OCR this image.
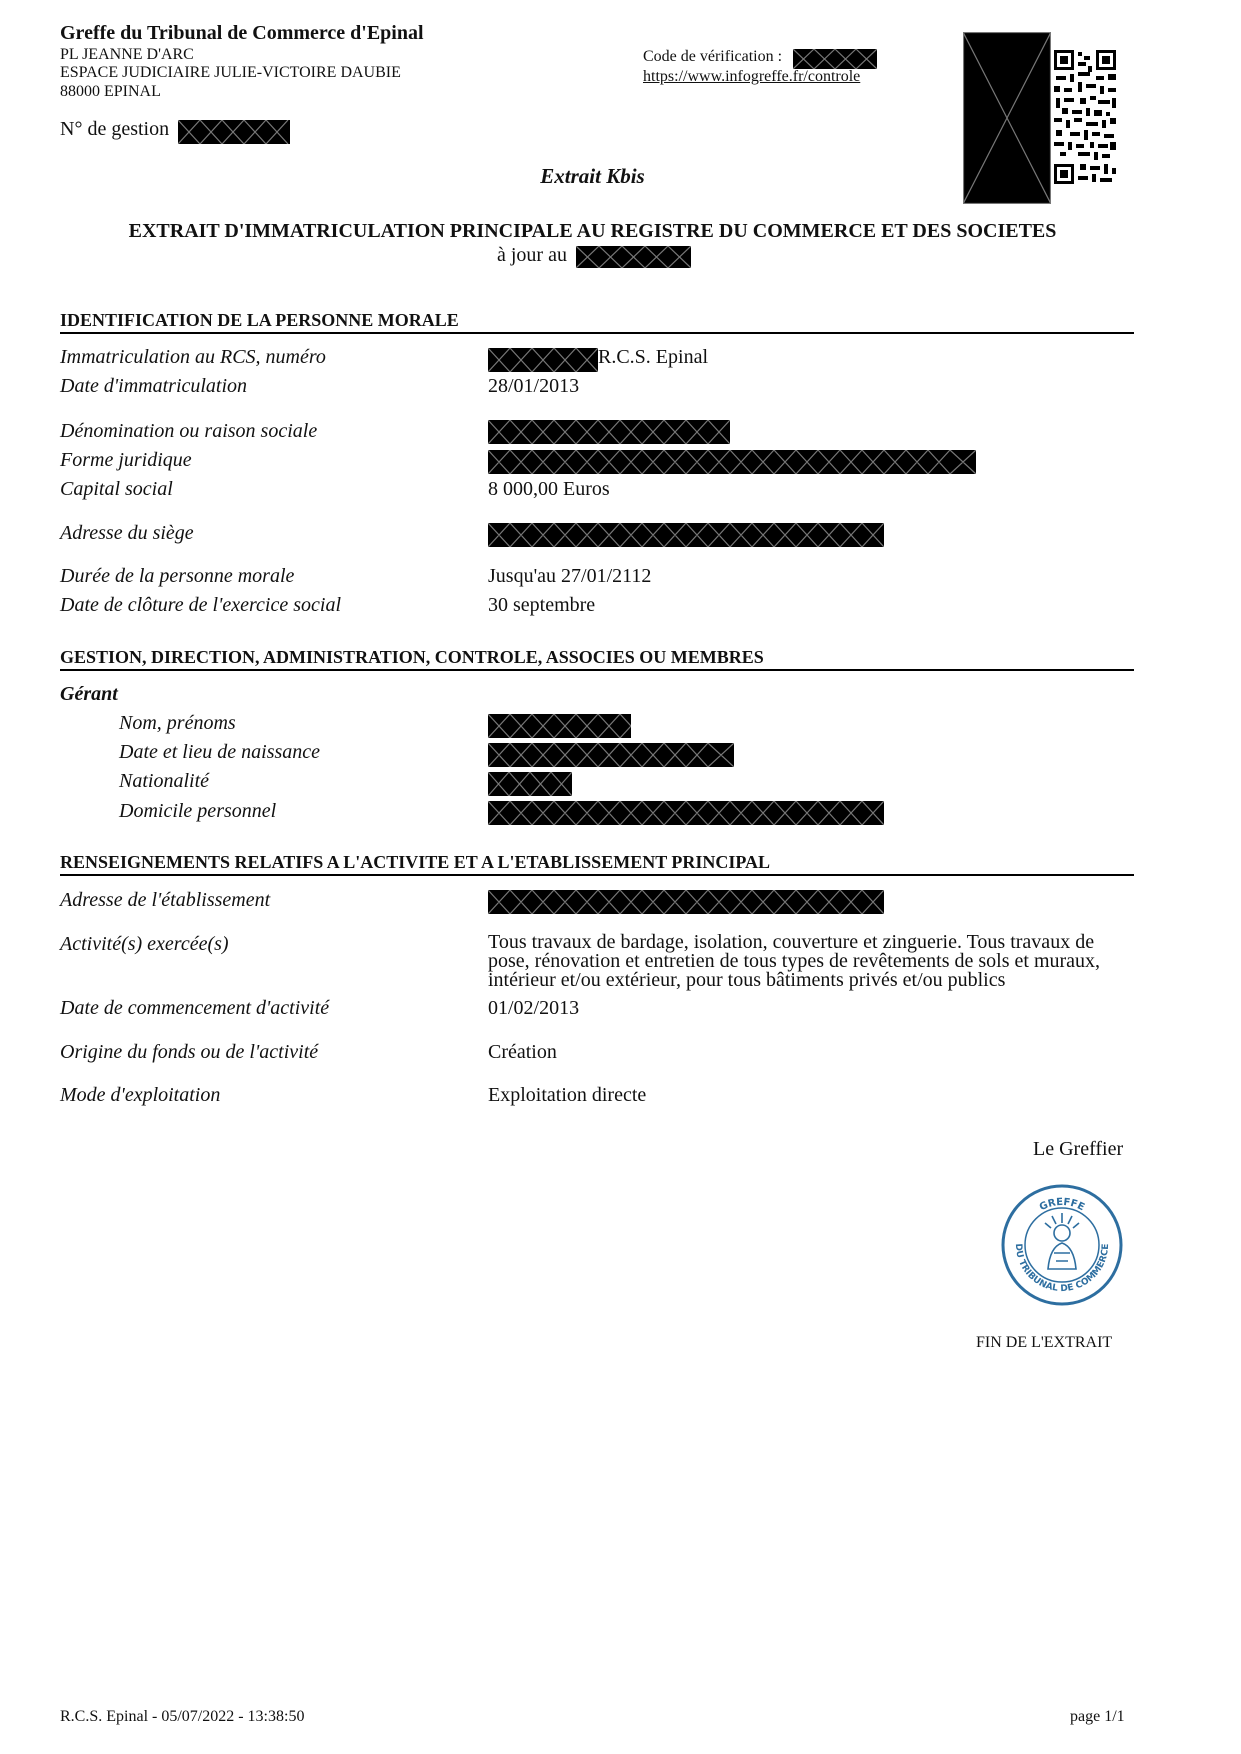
Greffe du Tribunal de Commerce d'Epinal
PL JEANNE D'ARC
ESPACE JUDICIAIRE JULIE-VICTOIRE DAUBIE
88000 EPINAL
N° de gestion
Code de vérification :
https://www.infogreffe.fr/controle
Extrait Kbis
EXTRAIT D'IMMATRICULATION PRINCIPALE AU REGISTRE DU COMMERCE ET DES SOCIETES
à jour au
IDENTIFICATION DE LA PERSONNE MORALE
Immatriculation au RCS, numéro	R.C.S. Epinal
Date d'immatriculation	28/01/2013
Dénomination ou raison sociale
Forme juridique
Capital social	8 000,00 Euros
Adresse du siège
Durée de la personne morale	Jusqu'au 27/01/2112
Date de clôture de l'exercice social	30 septembre
GESTION, DIRECTION, ADMINISTRATION, CONTROLE, ASSOCIES OU MEMBRES
Gérant
Nom, prénoms
Date et lieu de naissance
Nationalité
Domicile personnel
RENSEIGNEMENTS RELATIFS A L'ACTIVITE ET A L'ETABLISSEMENT PRINCIPAL
Adresse de l'établissement
Activité(s) exercée(s)	Tous travaux de bardage, isolation, couverture et zinguerie. Tous travaux de
pose, rénovation et entretien de tous types de revêtements de sols et muraux,
intérieur et/ou extérieur, pour tous bâtiments privés et/ou publics
Date de commencement d'activité	01/02/2013
Origine du fonds ou de l'activité	Création
Mode d'exploitation	Exploitation directe
Le Greffier
GREFFE
DU TRIBUNAL DE COMMERCE
FIN DE L'EXTRAIT
R.C.S. Epinal - 05/07/2022 - 13:38:50	page 1/1
